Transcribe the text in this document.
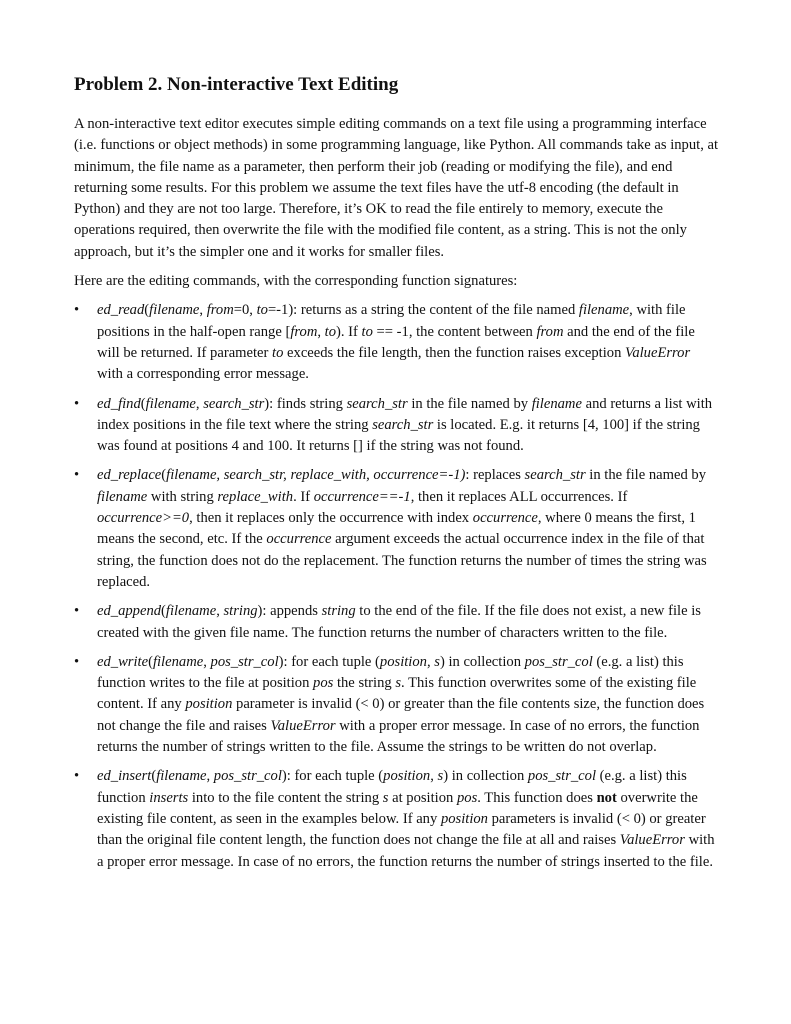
Problem 2. Non-interactive Text Editing

A non-interactive text editor executes simple editing commands on a text file using a programming interface (i.e. functions or object methods) in some programming language, like Python. All commands take as input, at minimum, the file name as a parameter, then perform their job (reading or modifying the file), and end returning some results. For this problem we assume the text files have the utf-8 encoding (the default in Python) and they are not too large. Therefore, it’s OK to read the file entirely to memory, execute the operations required, then overwrite the file with the modified file content, as a string. This is not the only approach, but it’s the simpler one and it works for smaller files.

Here are the editing commands, with the corresponding function signatures:

• ed_read(filename, from=0, to=-1): returns as a string the content of the file named filename, with file positions in the half-open range [from, to). If to == -1, the content between from and the end of the file will be returned. If parameter to exceeds the file length, then the function raises exception ValueError with a corresponding error message.
• ed_find(filename, search_str): finds string search_str in the file named by filename and returns a list with index positions in the file text where the string search_str is located. E.g. it returns [4, 100] if the string was found at positions 4 and 100. It returns [] if the string was not found.
• ed_replace(filename, search_str, replace_with, occurrence=-1): replaces search_str in the file named by filename with string replace_with. If occurrence==-1, then it replaces ALL occurrences. If occurrence>=0, then it replaces only the occurrence with index occurrence, where 0 means the first, 1 means the second, etc. If the occurrence argument exceeds the actual occurrence index in the file of that string, the function does not do the replacement. The function returns the number of times the string was replaced.
• ed_append(filename, string): appends string to the end of the file. If the file does not exist, a new file is created with the given file name. The function returns the number of characters written to the file.
• ed_write(filename, pos_str_col): for each tuple (position, s) in collection pos_str_col (e.g. a list) this function writes to the file at position pos the string s. This function overwrites some of the existing file content. If any position parameter is invalid (< 0) or greater than the file contents size, the function does not change the file and raises ValueError with a proper error message. In case of no errors, the function returns the number of strings written to the file. Assume the strings to be written do not overlap.
• ed_insert(filename, pos_str_col): for each tuple (position, s) in collection pos_str_col (e.g. a list) this function inserts into to the file content the string s at position pos. This function does not overwrite the existing file content, as seen in the examples below. If any position parameters is invalid (< 0) or greater than the original file content length, the function does not change the file at all and raises ValueError with a proper error message. In case of no errors, the function returns the number of strings inserted to the file.
